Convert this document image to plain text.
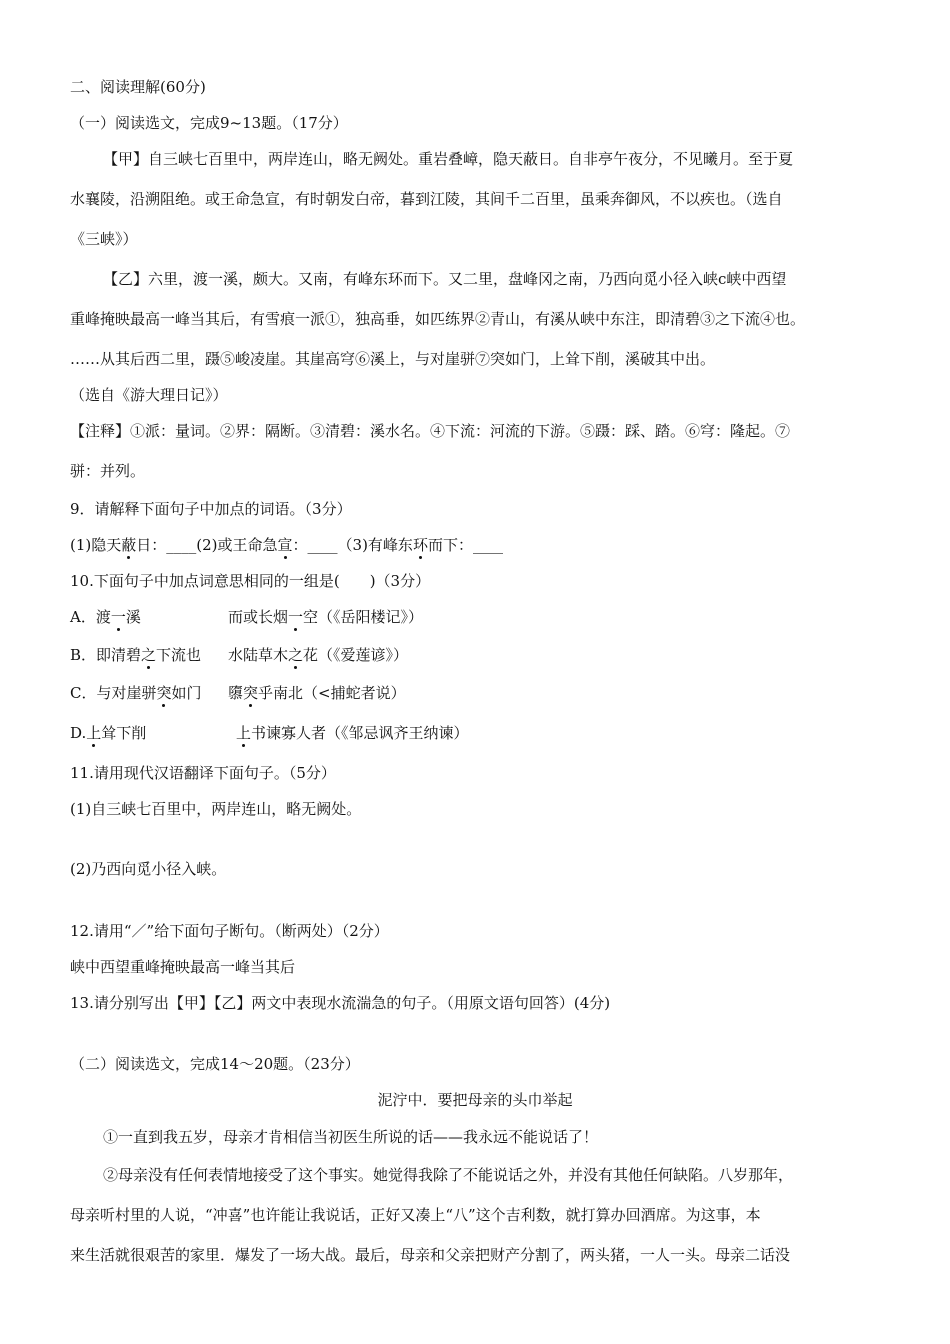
二、阅读理解(60分)
（一）阅读选文，完成9~13题。（17分）
【甲】自三峡七百里中，两岸连山，略无阙处。重岩叠嶂，隐天蔽日。自非亭午夜分，不见曦月。至于夏
水襄陵，沿溯阻绝。或王命急宣，有时朝发白帝，暮到江陵，其间千二百里，虽乘奔御风，不以疾也。（选自
《三峡》）
【乙】六里，渡一溪，颇大。又南，有峰东环而下。又二里，盘峰冈之南，乃西向觅小径入峡c峡中西望
重峰掩映最高一峰当其后，有雪痕一派①，独高垂，如匹练界②青山，有溪从峡中东注，即清碧③之下流④也。
……从其后西二里，蹑⑤峻凌崖。其崖高穹⑥溪上，与对崖骈⑦突如门，上耸下削，溪破其中出。
（选自《游大理日记》）
【注释】①派：量词。②界：隔断。③清碧：溪水名。④下流：河流的下游。⑤蹑：踩、踏。⑥穹：隆起。⑦
骈：并列。
9．请解释下面句子中加点的词语。（3分）
(1)隐天蔽日：____(2)或王命急宣：____（3)有峰东环而下：____
10.下面句子中加点词意思相同的一组是(　　)（3分）
A．渡一溪	而或长烟一空（《岳阳楼记》）
B．即清碧之下流也 水陆草木之花（《爱莲谚》）
C．与对崖骈突如门 隳突乎南北（<捕蛇者说）
D.上耸下削	上书谏寡人者（《邹忌讽齐王纳谏）
11.请用现代汉语翻译下面句子。（5分）
(1)自三峡七百里中，两岸连山，略无阙处。
(2)乃西向觅小径入峡。
12.请用“／”给下面句子断句。（断两处）（2分）
峡中西望重峰掩映最高一峰当其后
13.请分别写出【甲】【乙】两文中表现水流湍急的句子。（用原文语句回答）(4分)
（二）阅读选文，完成14～20题。（23分）
泥泞中．要把母亲的头巾举起
①一直到我五岁，母亲才肯相信当初医生所说的话——我永远不能说话了！
②母亲没有任何表情地接受了这个事实。她觉得我除了不能说话之外，并没有其他任何缺陷。八岁那年，
母亲听村里的人说，“冲喜”也许能让我说话，正好又凑上“八”这个吉利数，就打算办回酒席。为这事，本
来生活就很艰苦的家里．爆发了一场大战。最后，母亲和父亲把财产分割了，两头猪，一人一头。母亲二话没
